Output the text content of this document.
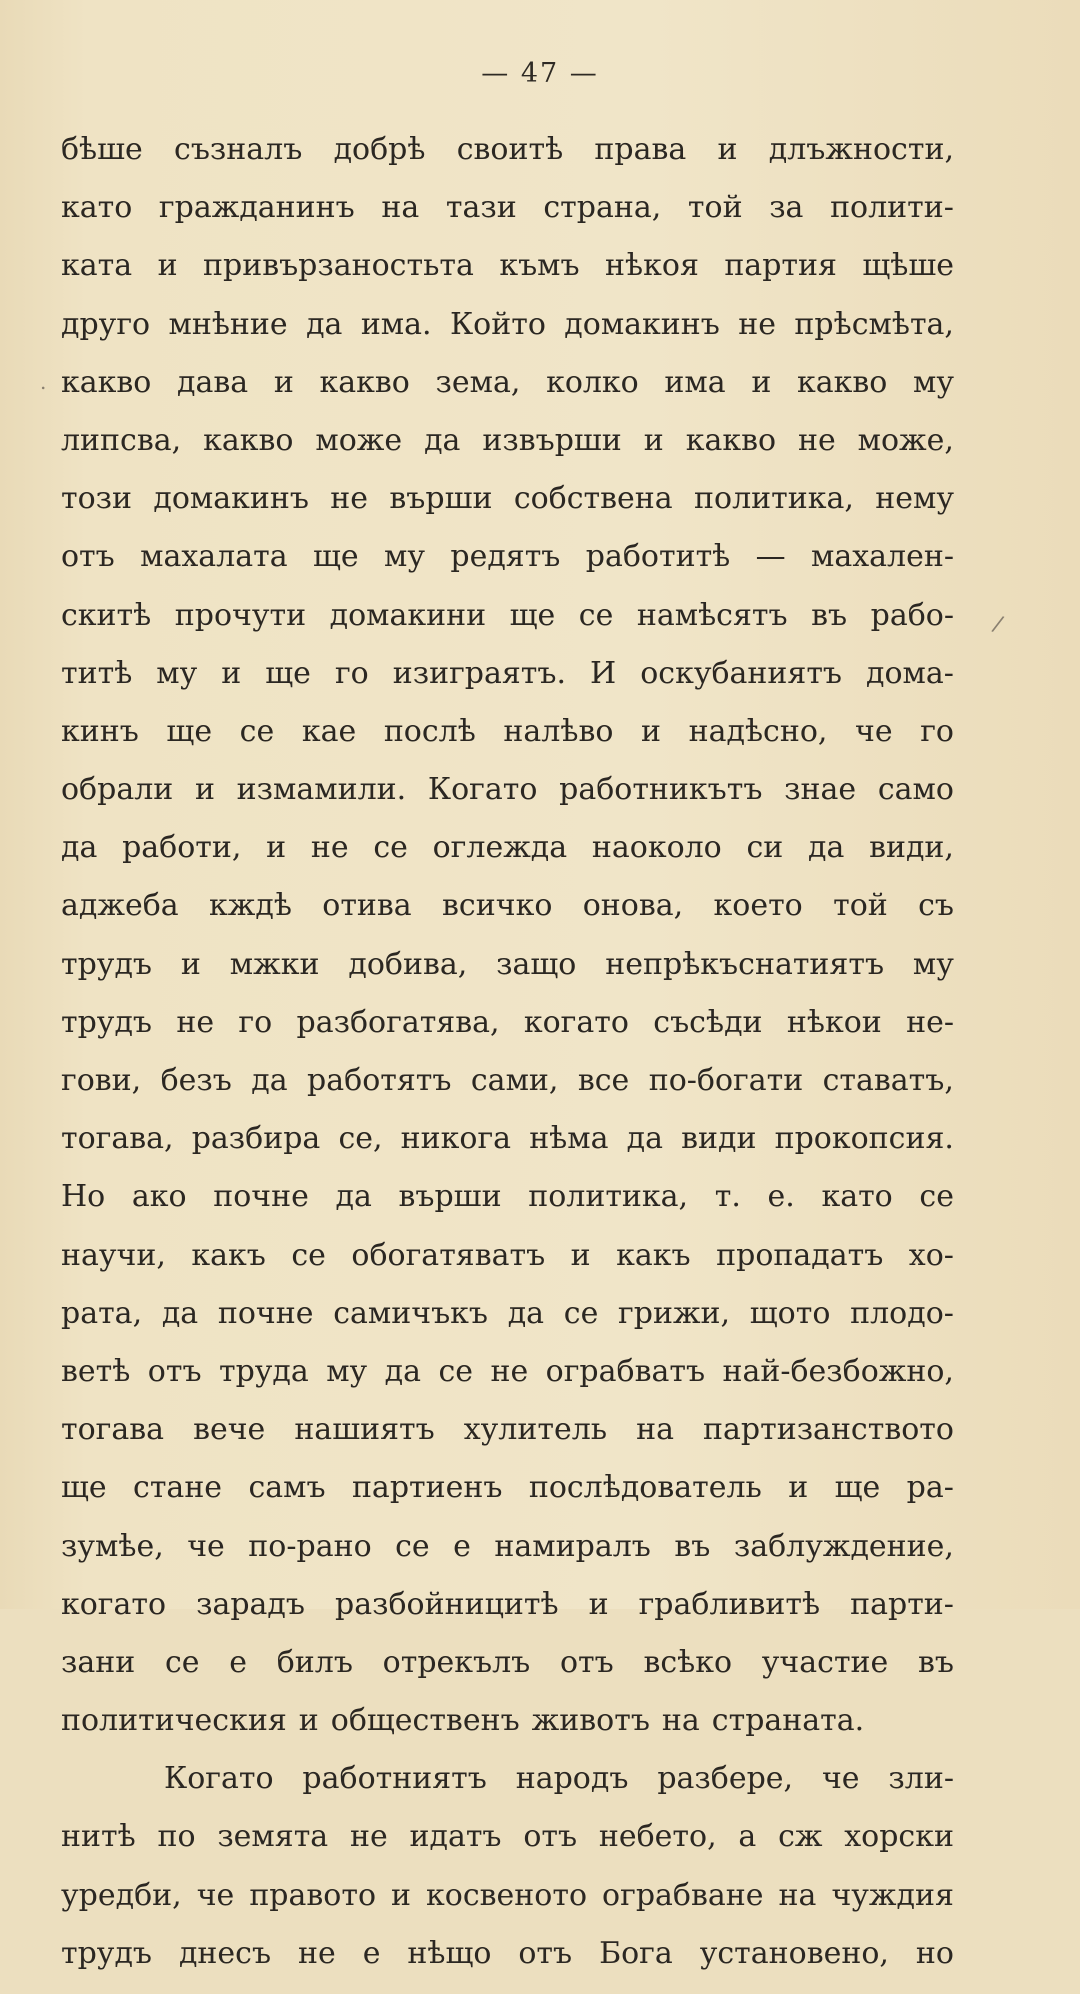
— 47 —
бѣше съзналъ добрѣ своитѣ права и длъжности,
като гражданинъ на тази страна, той за полити-
ката и привързаностьта къмъ нѣкоя партия щѣше
друго мнѣние да има. Който домакинъ не прѣсмѣта,
какво дава и какво зема, колко има и какво му
липсва, какво може да извърши и какво не може,
този домакинъ не върши собствена политика, нему
отъ махалата ще му редятъ работитѣ — махален-
скитѣ прочути домакини ще се намѣсятъ въ рабо-
титѣ му и ще го изиграятъ. И оскубаниятъ дома-
кинъ ще се кае послѣ налѣво и надѣсно, че го
обрали и измамили. Когато работникътъ знае само
да работи, и не се оглежда наоколо си да види,
аджеба кждѣ отива всичко онова, което той съ
трудъ и мжки добива, защо непрѣкъснатиятъ му
трудъ не го разбогатява, когато съсѣди нѣкои не-
гови, безъ да работятъ сами, все по-богати ставатъ,
тогава, разбира се, никога нѣма да види прокопсия.
Но ако почне да върши политика, т. е. като се
научи, какъ се обогатяватъ и какъ пропадатъ хо-
рата, да почне самичъкъ да се грижи, щото плодо-
ветѣ отъ труда му да се не ограбватъ най-безбожно,
тогава вече нашиятъ хулитель на партизанството
ще стане самъ партиенъ послѣдователь и ще ра-
зумѣе, че по-рано се е намиралъ въ заблуждение,
когато зарадъ разбойницитѣ и грабливитѣ парти-
зани се е билъ отрекълъ отъ всѣко участие въ
политическия и общественъ животъ на страната.
Когато работниятъ народъ разбере, че зли-
нитѣ по земята не идатъ отъ небето, а сж хорски
уредби, че правото и косвеното ограбване на чуждия
трудъ днесъ не е нѣщо отъ Бога установено, но
.
/
